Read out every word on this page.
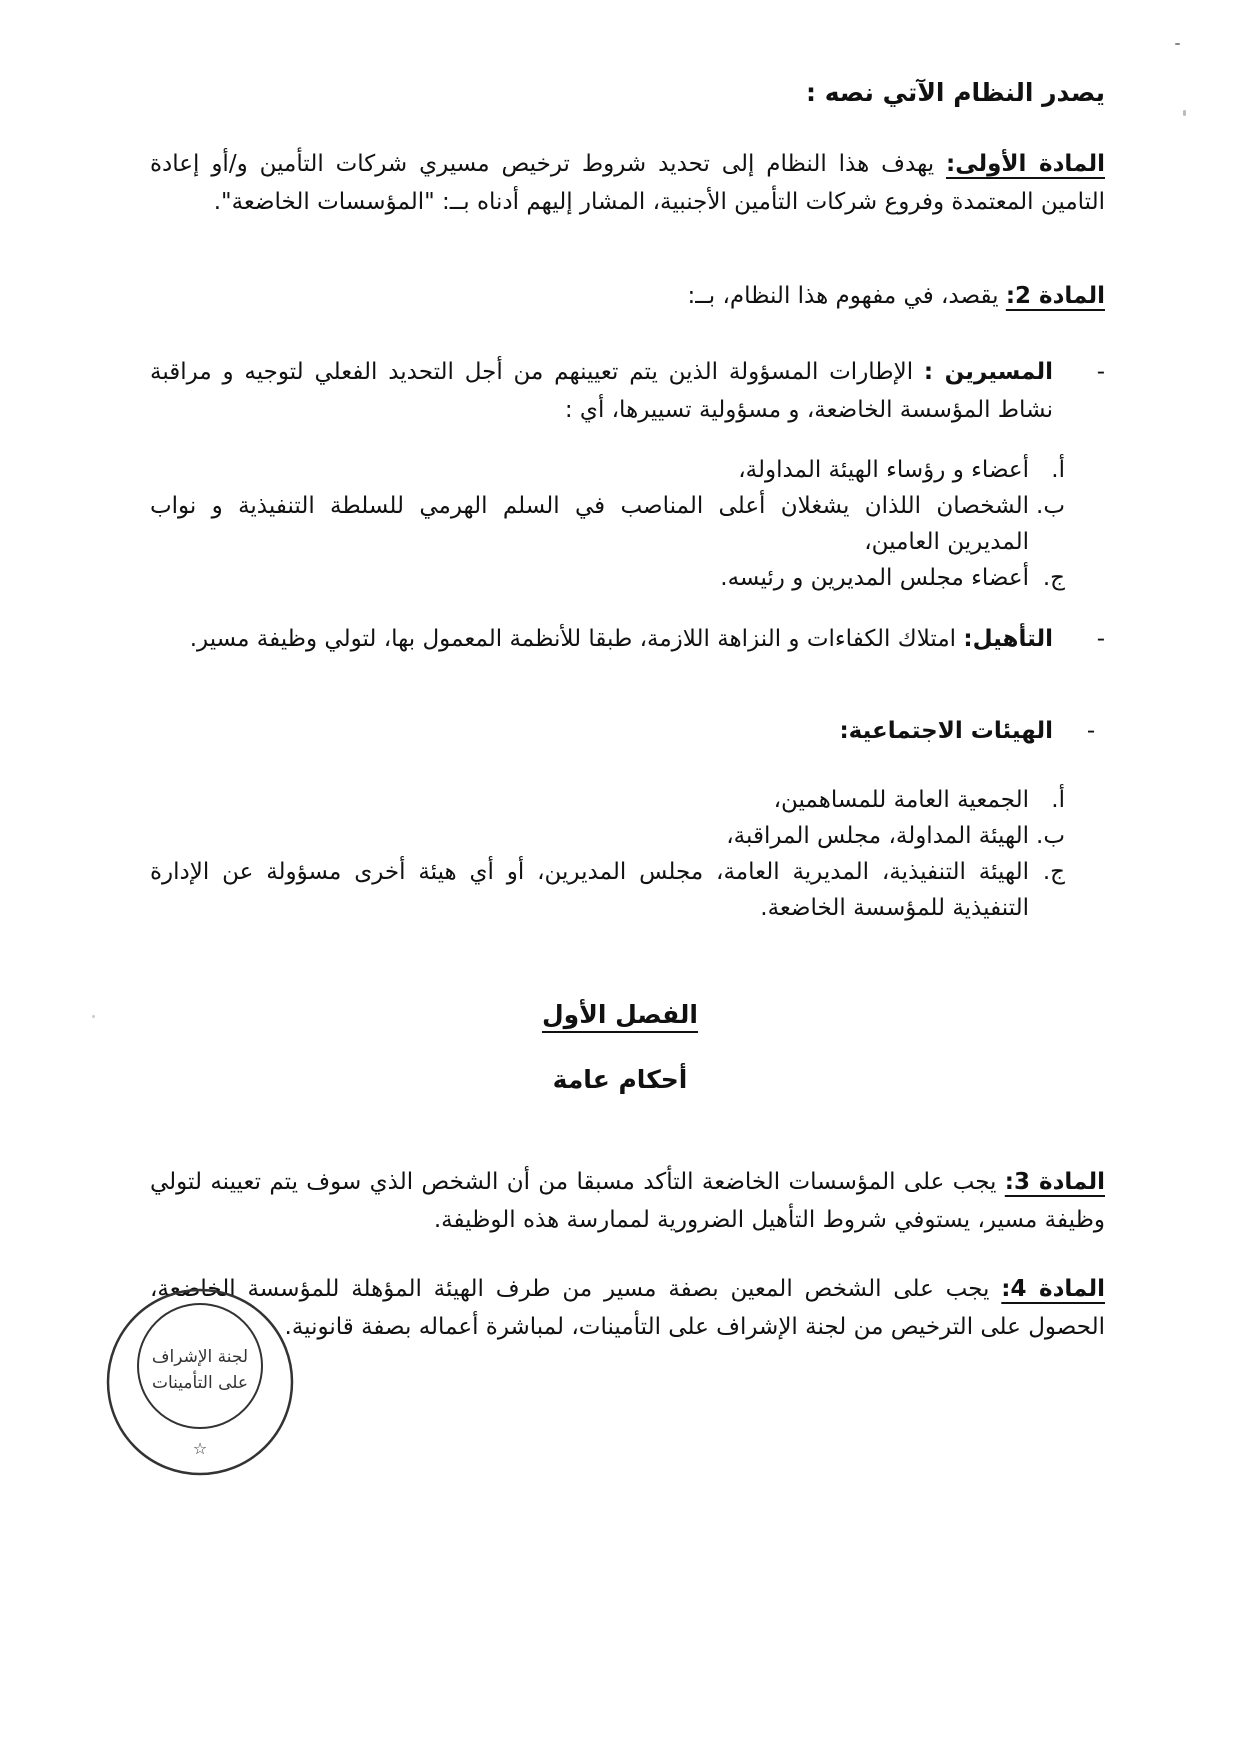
يصدر النظام الآتي نصه :
المادة الأولى: يهدف هذا النظام إلى تحديد شروط ترخيص مسيري شركات التأمين و/أو إعادة التامين المعتمدة وفروع شركات التأمين الأجنبية، المشار إليهم أدناه بــ: "المؤسسات الخاضعة".
المادة 2: يقصد، في مفهوم هذا النظام، بــ:
-
المسيرين : الإطارات المسؤولة الذين يتم تعيينهم من أجل التحديد الفعلي لتوجيه و مراقبة نشاط المؤسسة الخاضعة، و مسؤولية تسييرها، أي :
أ.
أعضاء و رؤساء الهيئة المداولة،
ب.
الشخصان اللذان يشغلان أعلى المناصب في السلم الهرمي للسلطة التنفيذية و نواب المديرين العامين،
ج.
أعضاء مجلس المديرين و رئيسه.
-
التأهيل: امتلاك الكفاءات و النزاهة اللازمة، طبقا للأنظمة المعمول بها، لتولي وظيفة مسير.
-
الهيئات الاجتماعية:
أ.
الجمعية العامة للمساهمين،
ب.
الهيئة المداولة، مجلس المراقبة،
ج.
الهيئة التنفيذية، المديرية العامة، مجلس المديرين، أو أي هيئة أخرى مسؤولة عن الإدارة التنفيذية للمؤسسة الخاضعة.
الفصل الأول
أحكام عامة
المادة 3: يجب على المؤسسات الخاضعة التأكد مسبقا من أن الشخص الذي سوف يتم تعيينه لتولي وظيفة مسير، يستوفي شروط التأهيل الضرورية لممارسة هذه الوظيفة.
المادة 4: يجب على الشخص المعين بصفة مسير من طرف الهيئة المؤهلة للمؤسسة الخاضعة، الحصول على الترخيص من لجنة الإشراف على التأمينات، لمباشرة أعماله بصفة قانونية.
لجنة الإشراف
على التأمينات
☆
